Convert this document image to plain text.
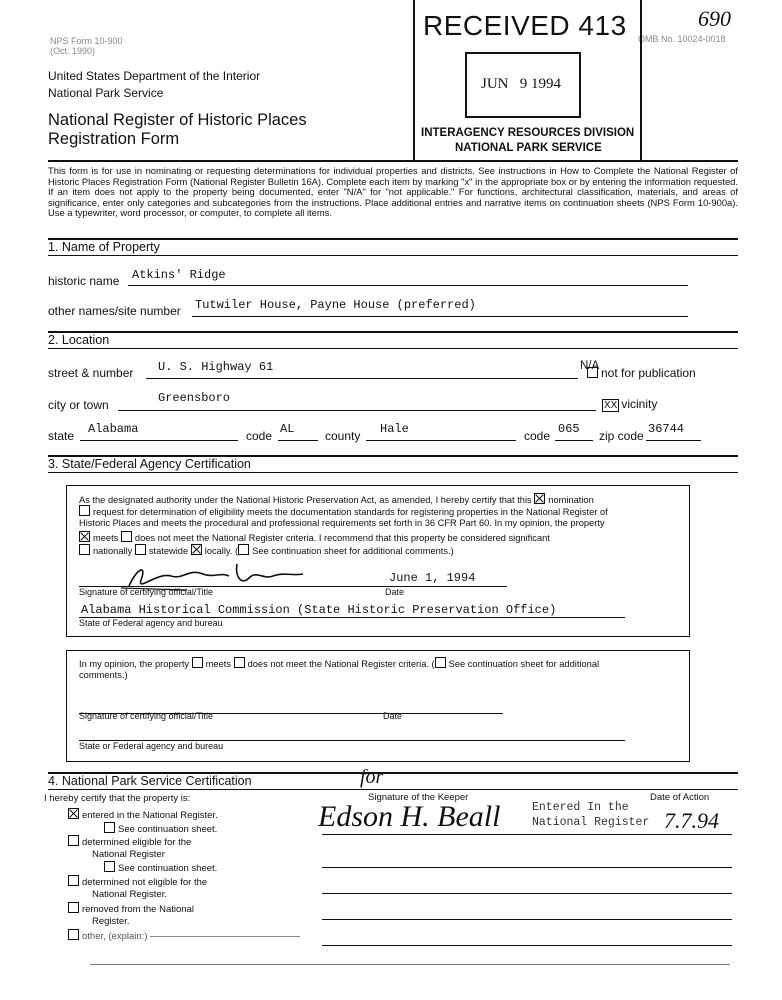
NPS Form 10-900
(Oct. 1990)
OMB No. 10024-0018
690
RECEIVED 413
JUN   9 1994
INTERAGENCY RESOURCES DIVISION
NATIONAL PARK SERVICE
United States Department of the Interior
National Park Service
National Register of Historic Places
Registration Form
This form is for use in nominating or requesting determinations for individual properties and districts. See instructions in How to Complete the National Register of Historic Places Registration Form (National Register Bulletin 16A). Complete each item by marking "x" in the appropriate box or by entering the information requested. If an item does not apply to the property being documented, enter "N/A" for "not applicable." For functions, architectural classification, materials, and areas of significance, enter only categories and subcategories from the instructions. Place additional entries and narrative items on continuation sheets (NPS Form 10-900a). Use a typewriter, word processor, or computer, to complete all items.
1. Name of Property
historic name Atkins' Ridge
other names/site number Tutwiler House, Payne House (preferred)
2. Location
street & number U. S. Highway 61	N/A not for publication
city or town	Greensboro
XX vicinity
state Alabama	code AL	county Hale	code 065 zip code 36744
3. State/Federal Agency Certification
As the designated authority under the National Historic Preservation Act, as amended, I hereby certify that this nomination
request for determination of eligibility meets the documentation standards for registering properties in the National Register of
Historic Places and meets the procedural and professional requirements set forth in 36 CFR Part 60. In my opinion, the property
meets does not meet the National Register criteria. I recommend that this property be considered significant
nationally statewide locally. ( See continuation sheet for additional comments.)
June 1, 1994
Signature of certifying official/Title	Date
Alabama Historical Commission (State Historic Preservation Office)
State of Federal agency and bureau
In my opinion, the property meets does not meet the National Register criteria. ( See continuation sheet for additional
comments.)
Signature of certifying official/Title	Date
State or Federal agency and bureau
4. National Park Service Certification
I hereby certify that the property is:	Signature of the Keeper	Date of Action
for
Edson H. Beall	Entered In the
National Register 7.7.94
entered in the National Register.
See continuation sheet.
determined eligible for the
National Register
See continuation sheet.
determined not eligible for the
National Register.
removed from the National
Register.
other, (explain:)
